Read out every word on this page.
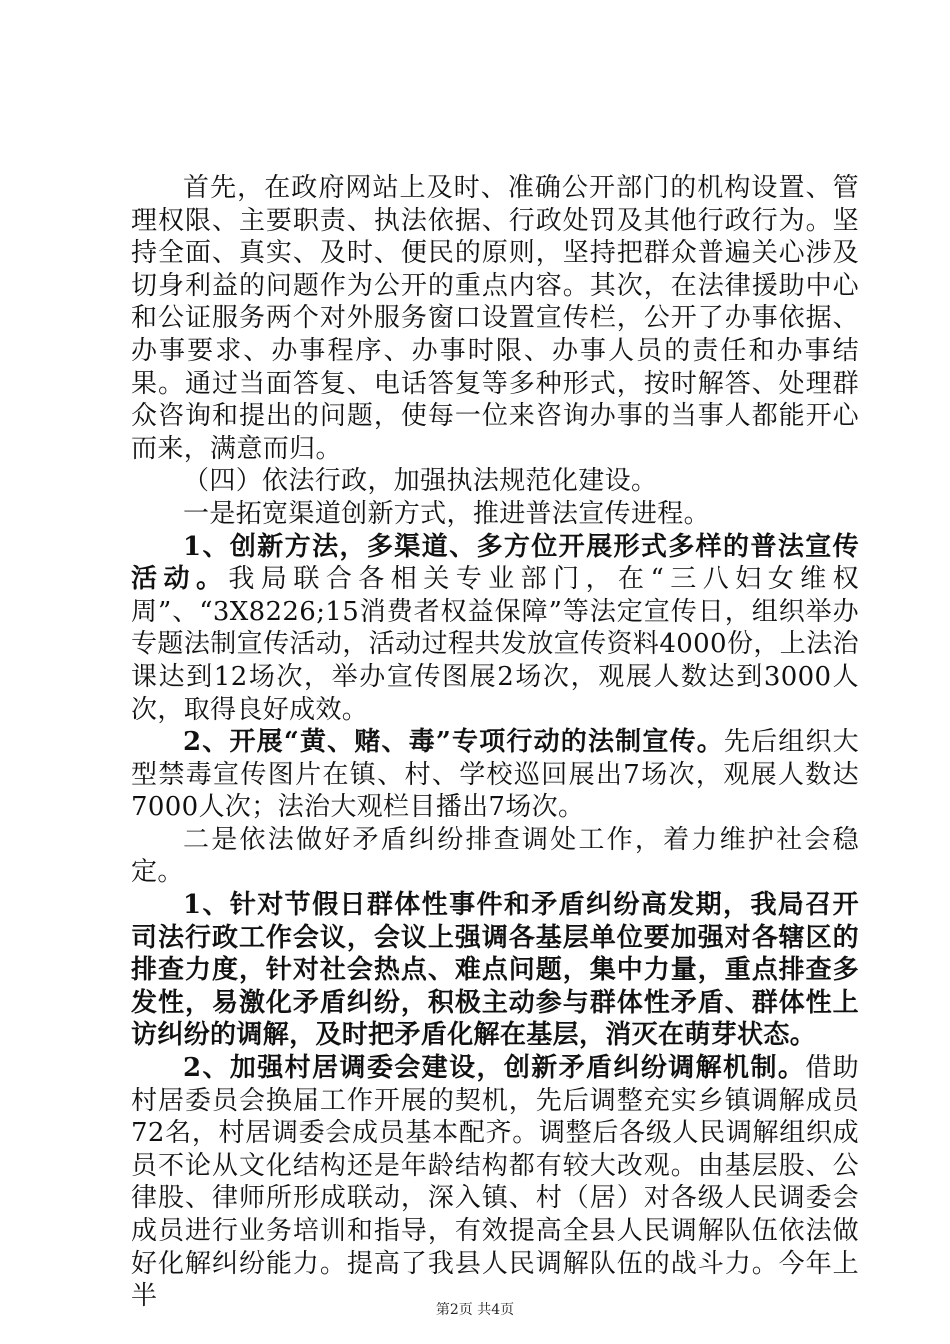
首先，在政府网站上及时、准确公开部门的机构设置、管理权限、主要职责、执法依据、行政处罚及其他行政行为。坚持全面、真实、及时、便民的原则，坚持把群众普遍关心涉及切身利益的问题作为公开的重点内容。其次，在法律援助中心和公证服务两个对外服务窗口设置宣传栏，公开了办事依据、办事要求、办事程序、办事时限、办事人员的责任和办事结果。通过当面答复、电话答复等多种形式，按时解答、处理群众咨询和提出的问题，使每一位来咨询办事的当事人都能开心而来，满意而归。

（四）依法行政，加强执法规范化建设。

一是拓宽渠道创新方式，推进普法宣传进程。

1、创新方法，多渠道、多方位开展形式多样的普法宣传活动。我局联合各相关专业部门，在“三八妇女维权周”、“3X8226;15消费者权益保障”等法定宣传日，组织举办专题法制宣传活动，活动过程共发放宣传资料4000份，上法治课达到12场次，举办宣传图展2场次，观展人数达到3000人次，取得良好成效。

2、开展“黄、赌、毒”专项行动的法制宣传。先后组织大型禁毒宣传图片在镇、村、学校巡回展出7场次，观展人数达7000人次；法治大观栏目播出7场次。

二是依法做好矛盾纠纷排查调处工作，着力维护社会稳定。

1、针对节假日群体性事件和矛盾纠纷高发期，我局召开司法行政工作会议，会议上强调各基层单位要加强对各辖区的排查力度，针对社会热点、难点问题，集中力量，重点排查多发性，易激化矛盾纠纷，积极主动参与群体性矛盾、群体性上访纠纷的调解，及时把矛盾化解在基层，消灭在萌芽状态。

2、加强村居调委会建设，创新矛盾纠纷调解机制。借助村居委员会换届工作开展的契机，先后调整充实乡镇调解成员72名，村居调委会成员基本配齐。调整后各级人民调解组织成员不论从文化结构还是年龄结构都有较大改观。由基层股、公律股、律师所形成联动，深入镇、村（居）对各级人民调委会成员进行业务培训和指导，有效提高全县人民调解队伍依法做好化解纠纷能力。提高了我县人民调解队伍的战斗力。今年上半	第2页 共4页
